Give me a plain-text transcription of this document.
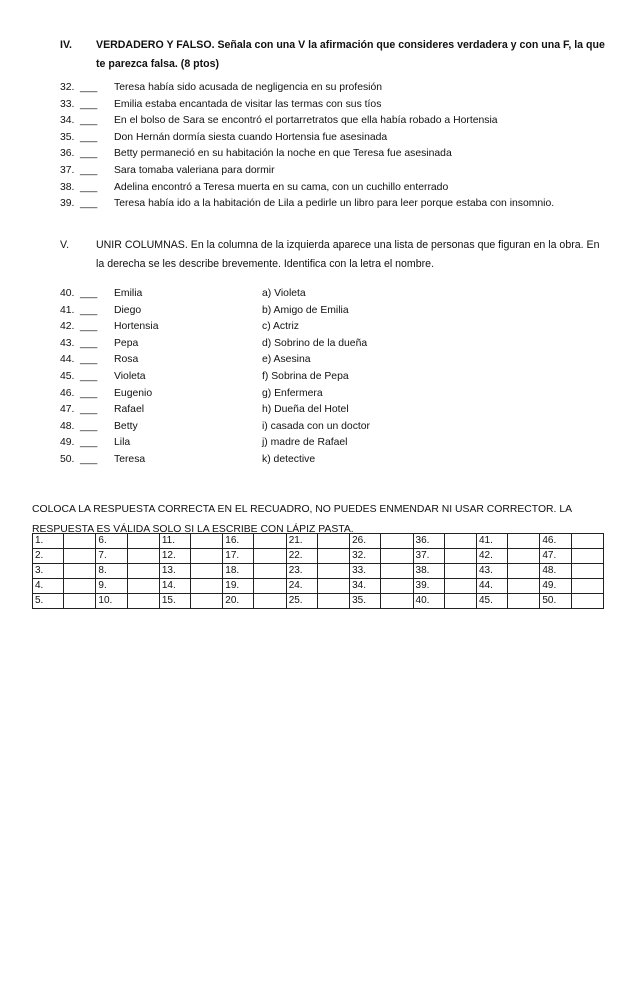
IV. VERDADERO Y FALSO. Señala con una V la afirmación que consideres verdadera y con una F, la que te parezca falsa. (8 ptos)
32. ___ Teresa había sido acusada de negligencia en su profesión
33. ___ Emilia estaba encantada de visitar las termas con sus tíos
34. ___ En el bolso de Sara se encontró el portarretratos que ella había robado a Hortensia
35. ___ Don Hernán dormía siesta cuando Hortensia fue asesinada
36. ___ Betty permaneció en su habitación la noche en que Teresa fue asesinada
37. ___ Sara tomaba valeriana para dormir
38. ___ Adelina encontró a Teresa muerta en su cama, con un cuchillo enterrado
39. ___ Teresa había ido a la habitación de Lila a pedirle un libro para leer porque estaba con insomnio.
V.	UNIR COLUMNAS. En la columna de la izquierda aparece una lista de personas que figuran en la obra. En la derecha se les describe brevemente. Identifica con la letra el nombre.
40. ___ Emilia	a) Violeta
41. ___ Diego	b) Amigo de Emilia
42. ___ Hortensia	c) Actriz
43. ___ Pepa	d) Sobrino de la dueña
44. ___ Rosa	e) Asesina
45. ___ Violeta	f) Sobrina de Pepa
46. ___ Eugenio	g) Enfermera
47. ___ Rafael	h) Dueña del Hotel
48. ___ Betty	i) casada con un doctor
49. ___ Lila	j) madre de Rafael
50. ___ Teresa	k) detective
COLOCA LA RESPUESTA CORRECTA EN EL RECUADRO, NO PUEDES ENMENDAR NI USAR CORRECTOR. LA RESPUESTA ES VÁLIDA SOLO SI LA ESCRIBE CON LÁPIZ PASTA.
1.		6.		11.		16.		21.		26.		36.		41.		46.	
2.		7.		12.		17.		22.		32.		37.		42.		47.	
3.		8.		13.		18.		23.		33.		38.		43.		48.	
4.		9.		14.		19.		24.		34.		39.		44.		49.	
5.		10.		15.		20.		25.		35.		40.		45.		50.	
